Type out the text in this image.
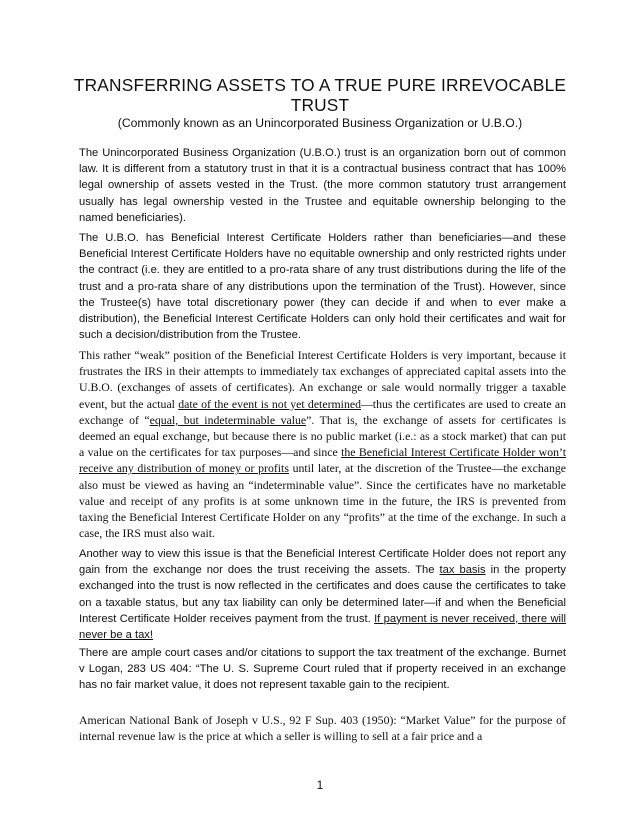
TRANSFERRING ASSETS TO A TRUE PURE IRREVOCABLE TRUST
(Commonly known as an Unincorporated Business Organization or U.B.O.)

The Unincorporated Business Organization (U.B.O.) trust is an organization born out of common law. It is different from a statutory trust in that it is a contractual business contract that has 100% legal ownership of assets vested in the Trust. (the more common statutory trust arrangement usually has legal ownership vested in the Trustee and equitable ownership belonging to the named beneficiaries).

The U.B.O. has Beneficial Interest Certificate Holders rather than beneficiaries—and these Beneficial Interest Certificate Holders have no equitable ownership and only restricted rights under the contract (i.e. they are entitled to a pro-rata share of any trust distributions during the life of the trust and a pro-rata share of any distributions upon the termination of the Trust). However, since the Trustee(s) have total discretionary power (they can decide if and when to ever make a distribution), the Beneficial Interest Certificate Holders can only hold their certificates and wait for such a decision/distribution from the Trustee.

This rather “weak” position of the Beneficial Interest Certificate Holders is very important, because it frustrates the IRS in their attempts to immediately tax exchanges of appreciated capital assets into the U.B.O. (exchanges of assets of certificates). An exchange or sale would normally trigger a taxable event, but the actual date of the event is not yet determined—thus the certificates are used to create an exchange of “equal, but indeterminable value”. That is, the exchange of assets for certificates is deemed an equal exchange, but because there is no public market (i.e.: as a stock market) that can put a value on the certificates for tax purposes—and since the Beneficial Interest Certificate Holder won’t receive any distribution of money or profits until later, at the discretion of the Trustee—the exchange also must be viewed as having an “indeterminable value”. Since the certificates have no marketable value and receipt of any profits is at some unknown time in the future, the IRS is prevented from taxing the Beneficial Interest Certificate Holder on any “profits” at the time of the exchange. In such a case, the IRS must also wait.

Another way to view this issue is that the Beneficial Interest Certificate Holder does not report any gain from the exchange nor does the trust receiving the assets. The tax basis in the property exchanged into the trust is now reflected in the certificates and does cause the certificates to take on a taxable status, but any tax liability can only be determined later—if and when the Beneficial Interest Certificate Holder receives payment from the trust. If payment is never received, there will never be a tax!

There are ample court cases and/or citations to support the tax treatment of the exchange. Burnet v Logan, 283 US 404: “The U. S. Supreme Court ruled that if property received in an exchange has no fair market value, it does not represent taxable gain to the recipient.

American National Bank of Joseph v U.S., 92 F Sup. 403 (1950): “Market Value” for the purpose of internal revenue law is the price at which a seller is willing to sell at a fair price and a

1
